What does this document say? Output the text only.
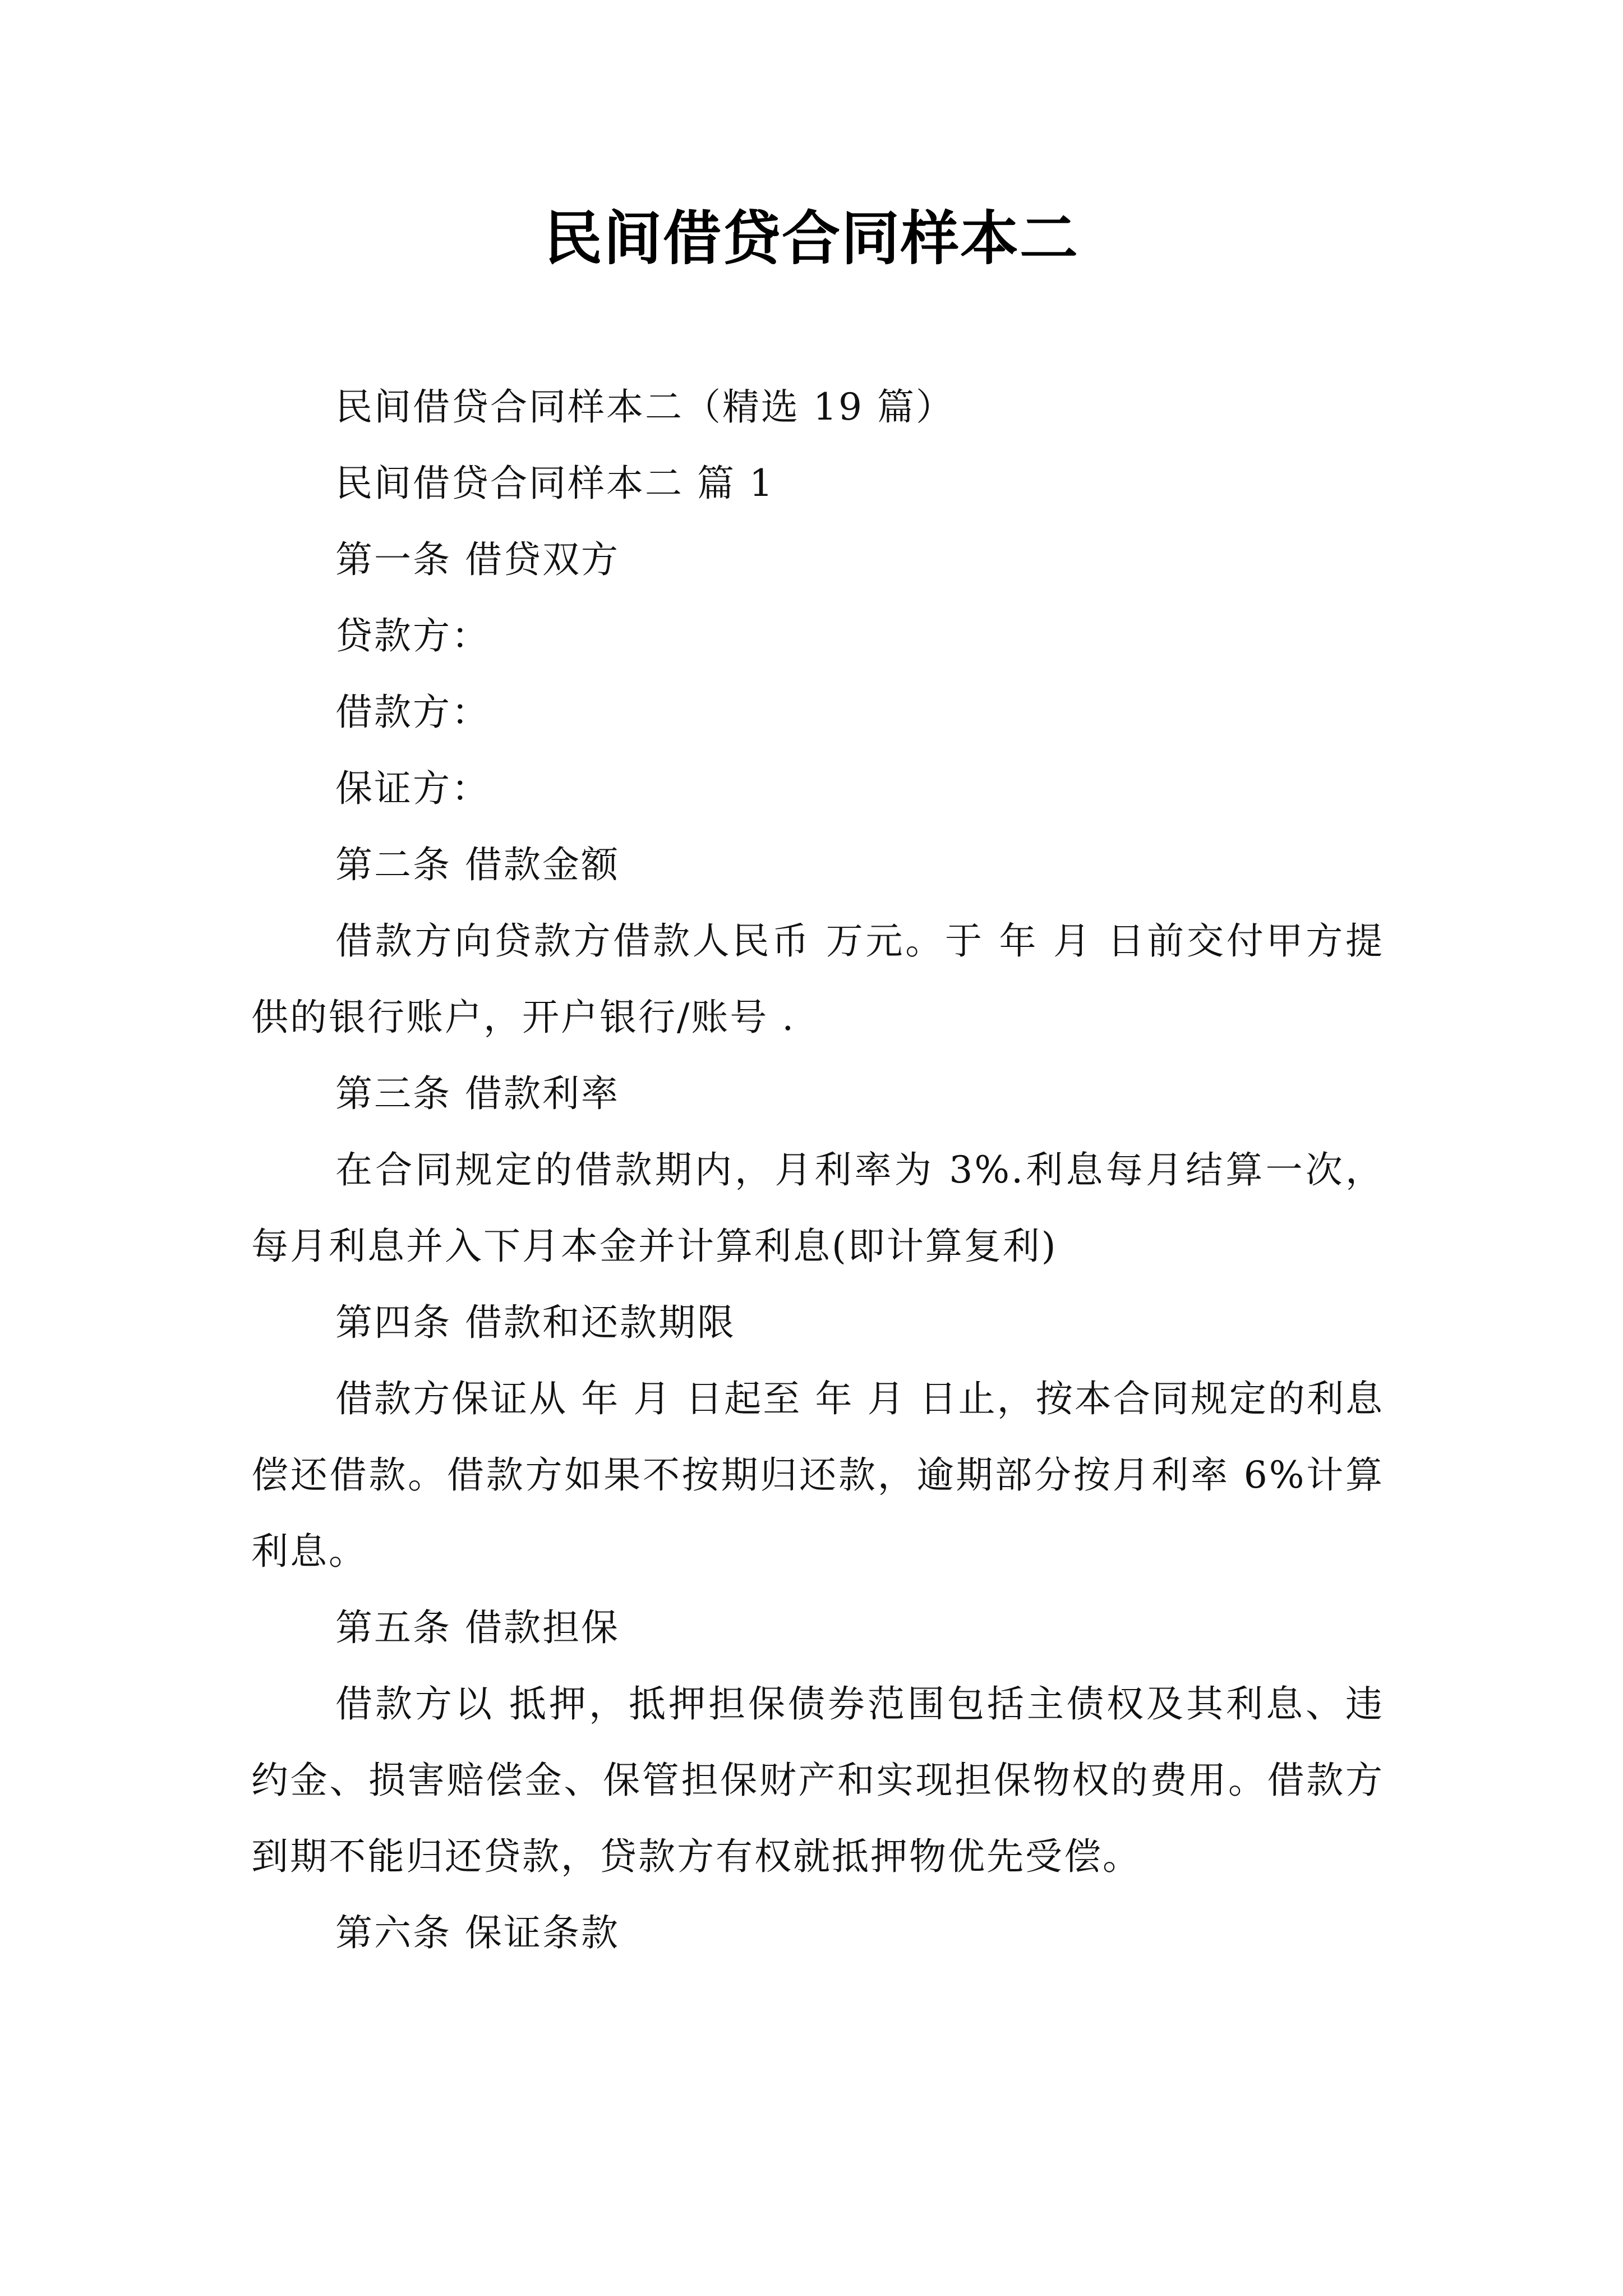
民间借贷合同样本二

民间借贷合同样本二（精选 19 篇）

民间借贷合同样本二 篇 1

第一条 借贷双方

贷款方：

借款方：

保证方：

第二条 借款金额

借款方向贷款方借款人民币 万元。于 年 月 日前交付甲方提供的银行账户，开户银行/账号 .

第三条 借款利率

在合同规定的借款期内，月利率为 3%.利息每月结算一次，每月利息并入下月本金并计算利息(即计算复利)

第四条 借款和还款期限

借款方保证从 年 月 日起至 年 月 日止，按本合同规定的利息偿还借款。借款方如果不按期归还款，逾期部分按月利率 6%计算利息。

第五条 借款担保

借款方以 抵押，抵押担保债券范围包括主债权及其利息、违约金、损害赔偿金、保管担保财产和实现担保物权的费用。借款方到期不能归还贷款，贷款方有权就抵押物优先受偿。

第六条 保证条款
